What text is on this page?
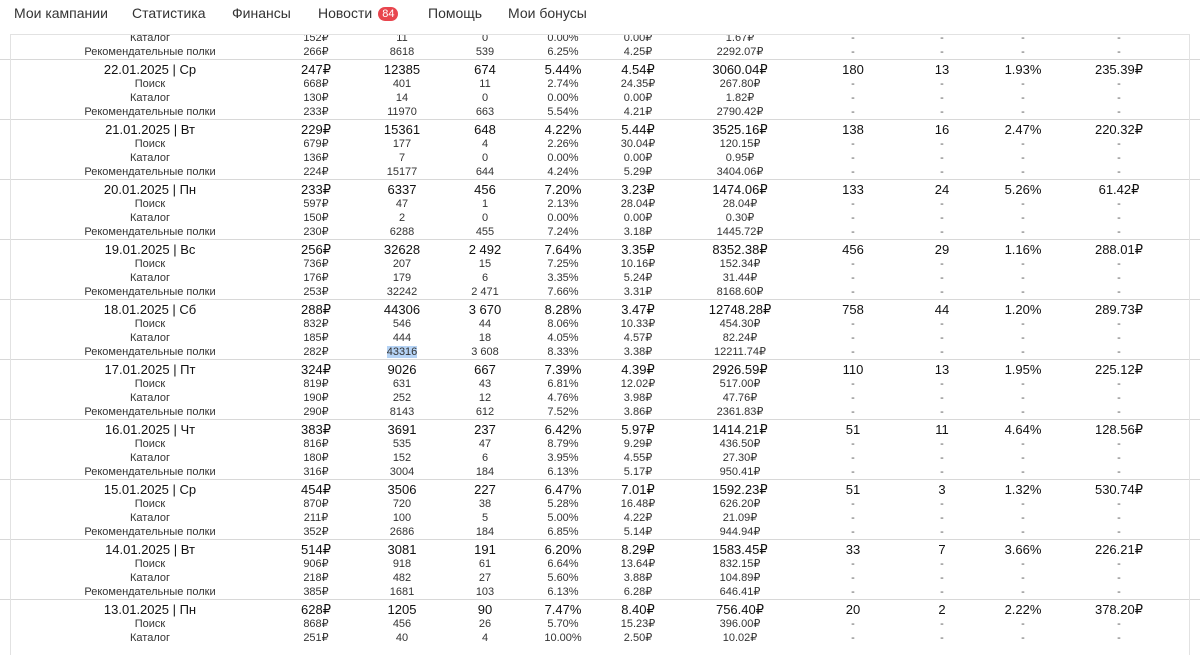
Мои кампании Статистика Финансы Новости 84 Помощь Мои бонусы
Каталог	152₽	11	0	0.00%	0.00₽	1.67₽	-	-	-	-
Рекомендательные полки	266₽	8618	539	6.25%	4.25₽	2292.07₽	-	-	-	-
22.01.2025 | Ср	247₽	12385	674	5.44%	4.54₽	3060.04₽	180	13	1.93%	235.39₽
Поиск	668₽	401	11	2.74%	24.35₽	267.80₽	-	-	-	-
Каталог	130₽	14	0	0.00%	0.00₽	1.82₽	-	-	-	-
Рекомендательные полки	233₽	11970	663	5.54%	4.21₽	2790.42₽	-	-	-	-
21.01.2025 | Вт	229₽	15361	648	4.22%	5.44₽	3525.16₽	138	16	2.47%	220.32₽
Поиск	679₽	177	4	2.26%	30.04₽	120.15₽	-	-	-	-
Каталог	136₽	7	0	0.00%	0.00₽	0.95₽	-	-	-	-
Рекомендательные полки	224₽	15177	644	4.24%	5.29₽	3404.06₽	-	-	-	-
20.01.2025 | Пн	233₽	6337	456	7.20%	3.23₽	1474.06₽	133	24	5.26%	61.42₽
Поиск	597₽	47	1	2.13%	28.04₽	28.04₽	-	-	-	-
Каталог	150₽	2	0	0.00%	0.00₽	0.30₽	-	-	-	-
Рекомендательные полки	230₽	6288	455	7.24%	3.18₽	1445.72₽	-	-	-	-
19.01.2025 | Вс	256₽	32628	2 492	7.64%	3.35₽	8352.38₽	456	29	1.16%	288.01₽
Поиск	736₽	207	15	7.25%	10.16₽	152.34₽	-	-	-	-
Каталог	176₽	179	6	3.35%	5.24₽	31.44₽	-	-	-	-
Рекомендательные полки	253₽	32242	2 471	7.66%	3.31₽	8168.60₽	-	-	-	-
18.01.2025 | Сб	288₽	44306	3 670	8.28%	3.47₽	12748.28₽	758	44	1.20%	289.73₽
Поиск	832₽	546	44	8.06%	10.33₽	454.30₽	-	-	-	-
Каталог	185₽	444	18	4.05%	4.57₽	82.24₽	-	-	-	-
Рекомендательные полки	282₽	43316	3 608	8.33%	3.38₽	12211.74₽	-	-	-	-
17.01.2025 | Пт	324₽	9026	667	7.39%	4.39₽	2926.59₽	110	13	1.95%	225.12₽
Поиск	819₽	631	43	6.81%	12.02₽	517.00₽	-	-	-	-
Каталог	190₽	252	12	4.76%	3.98₽	47.76₽	-	-	-	-
Рекомендательные полки	290₽	8143	612	7.52%	3.86₽	2361.83₽	-	-	-	-
16.01.2025 | Чт	383₽	3691	237	6.42%	5.97₽	1414.21₽	51	11	4.64%	128.56₽
Поиск	816₽	535	47	8.79%	9.29₽	436.50₽	-	-	-	-
Каталог	180₽	152	6	3.95%	4.55₽	27.30₽	-	-	-	-
Рекомендательные полки	316₽	3004	184	6.13%	5.17₽	950.41₽	-	-	-	-
15.01.2025 | Ср	454₽	3506	227	6.47%	7.01₽	1592.23₽	51	3	1.32%	530.74₽
Поиск	870₽	720	38	5.28%	16.48₽	626.20₽	-	-	-	-
Каталог	211₽	100	5	5.00%	4.22₽	21.09₽	-	-	-	-
Рекомендательные полки	352₽	2686	184	6.85%	5.14₽	944.94₽	-	-	-	-
14.01.2025 | Вт	514₽	3081	191	6.20%	8.29₽	1583.45₽	33	7	3.66%	226.21₽
Поиск	906₽	918	61	6.64%	13.64₽	832.15₽	-	-	-	-
Каталог	218₽	482	27	5.60%	3.88₽	104.89₽	-	-	-	-
Рекомендательные полки	385₽	1681	103	6.13%	6.28₽	646.41₽	-	-	-	-
13.01.2025 | Пн	628₽	1205	90	7.47%	8.40₽	756.40₽	20	2	2.22%	378.20₽
Поиск	868₽	456	26	5.70%	15.23₽	396.00₽	-	-	-	-
Каталог	251₽	40	4	10.00%	2.50₽	10.02₽	-	-	-	-
